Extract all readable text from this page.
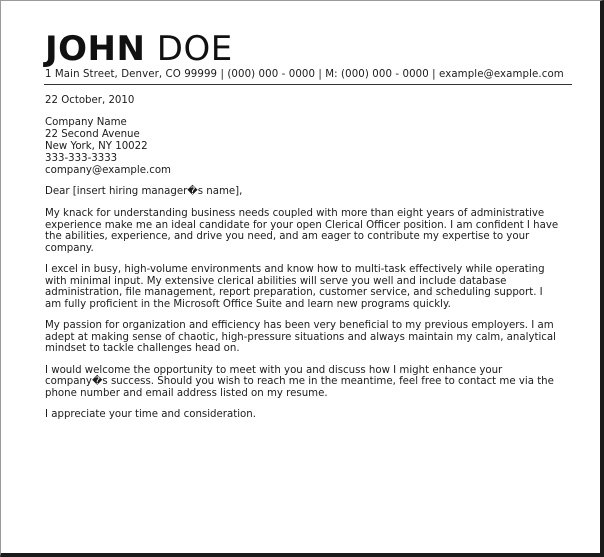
JOHN DOE
1 Main Street, Denver, CO 99999 | (000) 000 - 0000 | M: (000) 000 - 0000 | example@example.com
22 October, 2010
Company Name
22 Second Avenue
New York, NY 10022
333-333-3333
company@example.com
Dear [insert hiring manager�s name],
My knack for understanding business needs coupled with more than eight years of administrative experience make me an ideal candidate for your open Clerical Officer position. I am confident I have the abilities, experience, and drive you need, and am eager to contribute my expertise to your company.
I excel in busy, high-volume environments and know how to multi-task effectively while operating with minimal input. My extensive clerical abilities will serve you well and include database administration, file management, report preparation, customer service, and scheduling support. I am fully proficient in the Microsoft Office Suite and learn new programs quickly.
My passion for organization and efficiency has been very beneficial to my previous employers. I am adept at making sense of chaotic, high-pressure situations and always maintain my calm, analytical mindset to tackle challenges head on.
I would welcome the opportunity to meet with you and discuss how I might enhance your company�s success. Should you wish to reach me in the meantime, feel free to contact me via the phone number and email address listed on my resume.
I appreciate your time and consideration.
